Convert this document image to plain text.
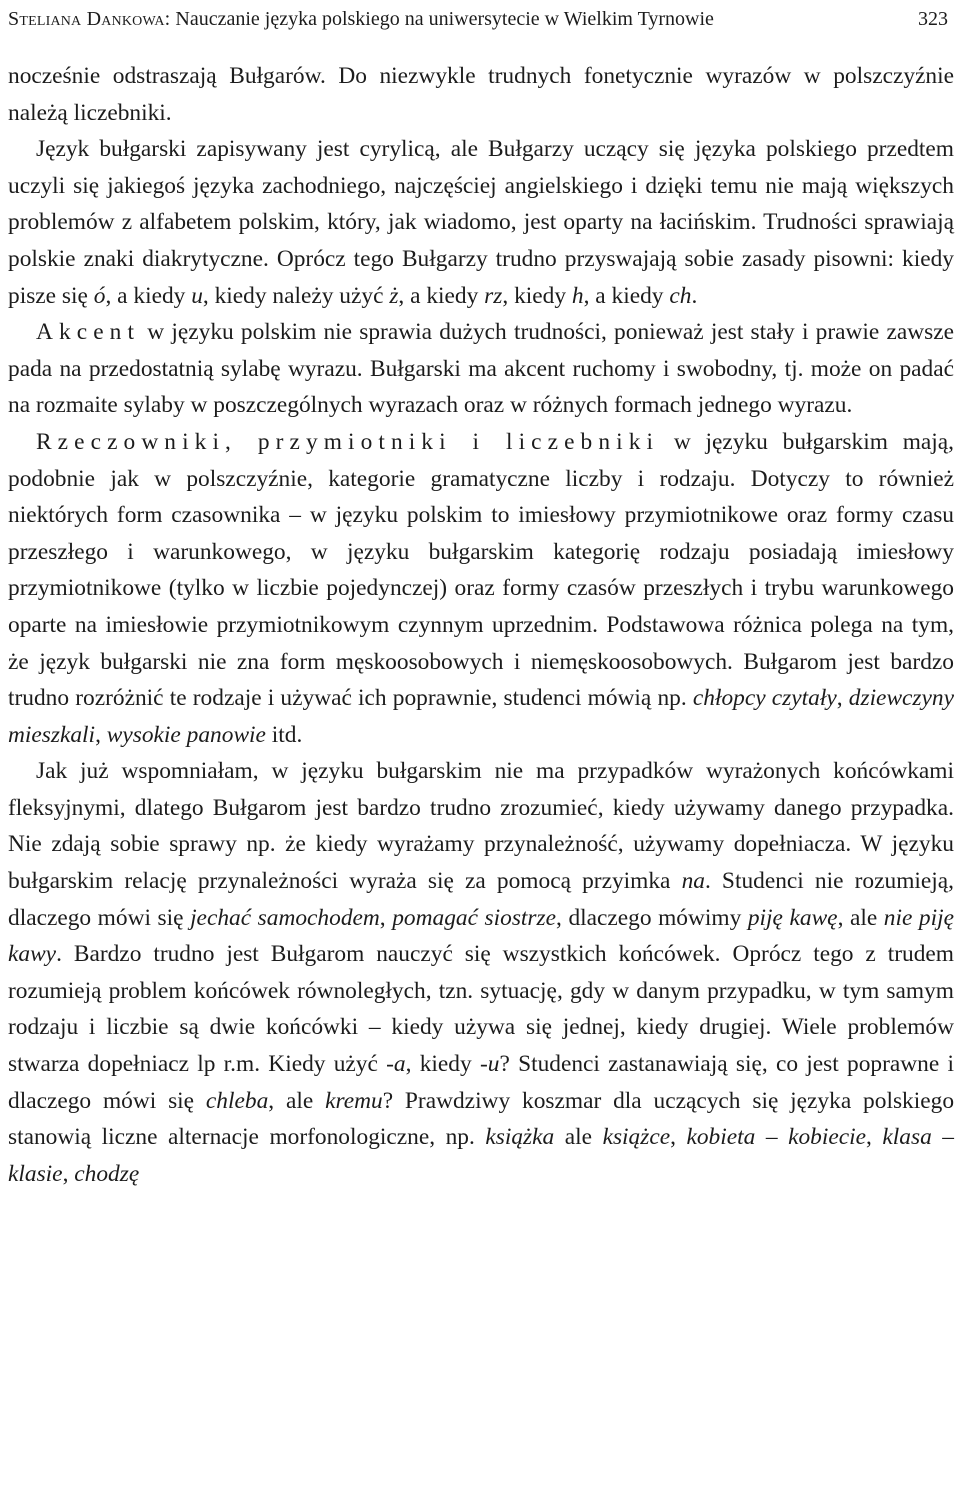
Steliana Dankowa: Nauczanie języka polskiego na uniwersytecie w Wielkim Tyrnowie	323

nocześnie odstraszają Bułgarów. Do niezwykle trudnych fonetycznie wyrazów w polszczyźnie należą liczebniki.

Język bułgarski zapisywany jest cyrylicą, ale Bułgarzy uczący się języka polskiego przedtem uczyli się jakiegoś języka zachodniego, najczęściej angielskiego i dzięki temu nie mają większych problemów z alfabetem polskim, który, jak wiadomo, jest oparty na łacińskim. Trudności sprawiają polskie znaki diakrytyczne. Oprócz tego Bułgarzy trudno przyswajają sobie zasady pisowni: kiedy pisze się ó, a kiedy u, kiedy należy użyć ż, a kiedy rz, kiedy h, a kiedy ch.

Akcent w języku polskim nie sprawia dużych trudności, ponieważ jest stały i prawie zawsze pada na przedostatnią sylabę wyrazu. Bułgarski ma akcent ruchomy i swobodny, tj. może on padać na rozmaite sylaby w poszczególnych wyrazach oraz w różnych formach jednego wyrazu.

Rzeczowniki, przymiotniki i liczebniki w języku bułgarskim mają, podobnie jak w polszczyźnie, kategorie gramatyczne liczby i rodzaju. Dotyczy to również niektórych form czasownika – w języku polskim to imiesłowy przymiotnikowe oraz formy czasu przeszłego i warunkowego, w języku bułgarskim kategorię rodzaju posiadają imiesłowy przymiotnikowe (tylko w liczbie pojedynczej) oraz formy czasów przeszłych i trybu warunkowego oparte na imiesłowie przymiotnikowym czynnym uprzednim. Podstawowa różnica polega na tym, że język bułgarski nie zna form męskoosobowych i niemęskoosobowych. Bułgarom jest bardzo trudno rozróżnić te rodzaje i używać ich poprawnie, studenci mówią np. chłopcy czytały, dziewczyny mieszkali, wysokie panowie itd.

Jak już wspomniałam, w języku bułgarskim nie ma przypadków wyrażonych końcówkami fleksyjnymi, dlatego Bułgarom jest bardzo trudno zrozumieć, kiedy używamy danego przypadka. Nie zdają sobie sprawy np. że kiedy wyrażamy przynależność, używamy dopełniacza. W języku bułgarskim relację przynależności wyraża się za pomocą przyimka na. Studenci nie rozumieją, dlaczego mówi się jechać samochodem, pomagać siostrze, dlaczego mówimy piję kawę, ale nie piję kawy. Bardzo trudno jest Bułgarom nauczyć się wszystkich końcówek. Oprócz tego z trudem rozumieją problem końcówek równoległych, tzn. sytuację, gdy w danym przypadku, w tym samym rodzaju i liczbie są dwie końcówki – kiedy używa się jednej, kiedy drugiej. Wiele problemów stwarza dopełniacz lp r.m. Kiedy użyć -a, kiedy -u? Studenci zastanawiają się, co jest poprawne i dlaczego mówi się chleba, ale kremu? Prawdziwy koszmar dla uczących się języka polskiego stanowią liczne alternacje morfonologiczne, np. książka ale książce, kobieta – kobiecie, klasa – klasie, chodzę
